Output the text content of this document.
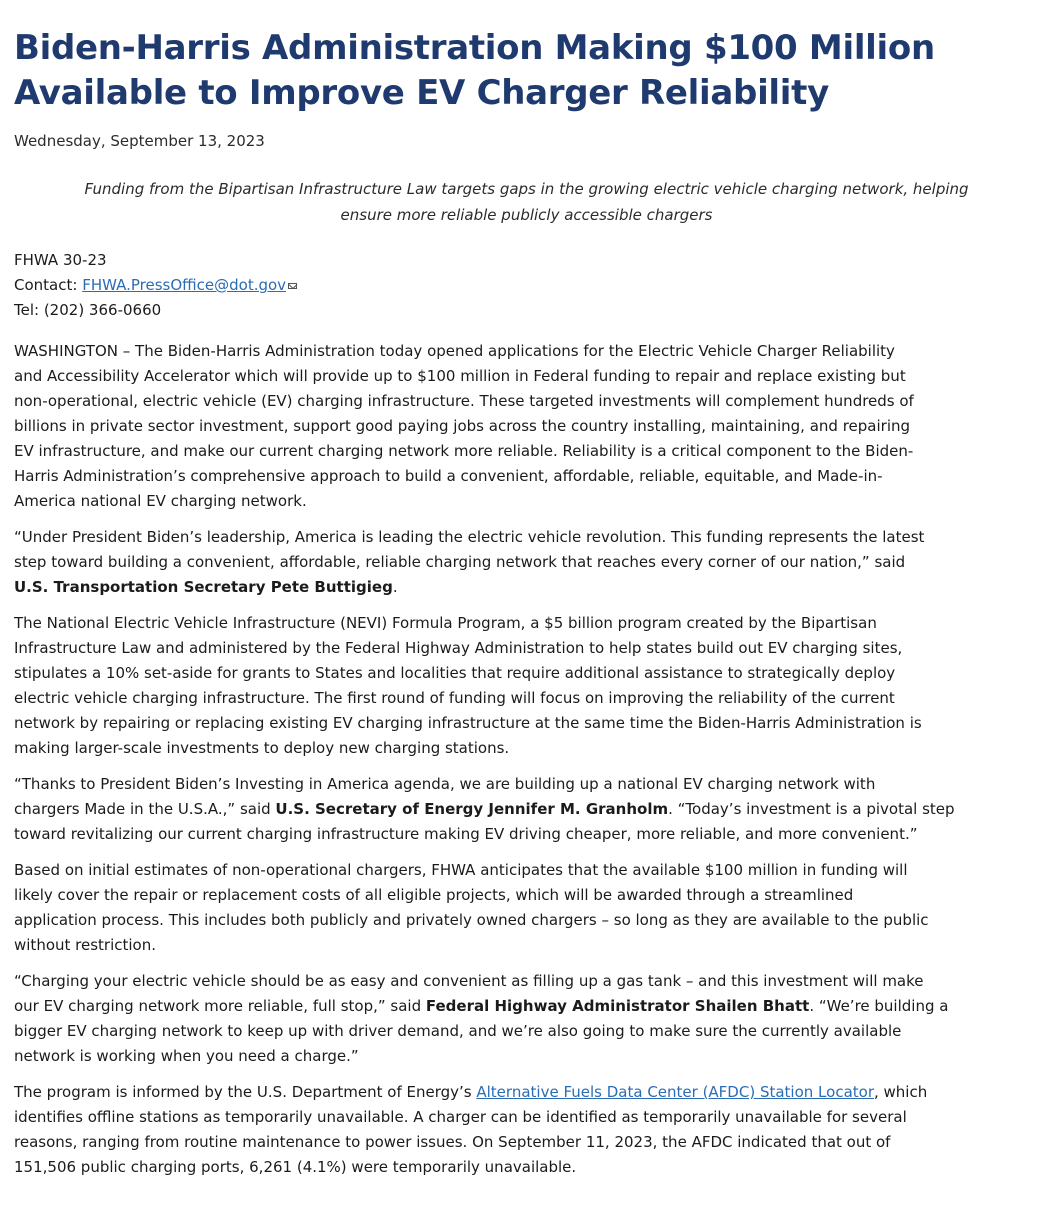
Biden-Harris Administration Making $100 Million
Available to Improve EV Charger Reliability
Wednesday, September 13, 2023
Funding from the Bipartisan Infrastructure Law targets gaps in the growing electric vehicle charging network, helping
ensure more reliable publicly accessible chargers
FHWA 30-23
Contact: FHWA.PressOffice@dot.gov
Tel: (202) 366-0660
WASHINGTON – The Biden-Harris Administration today opened applications for the Electric Vehicle Charger Reliability
and Accessibility Accelerator which will provide up to $100 million in Federal funding to repair and replace existing but
non-operational, electric vehicle (EV) charging infrastructure. These targeted investments will complement hundreds of
billions in private sector investment, support good paying jobs across the country installing, maintaining, and repairing
EV infrastructure, and make our current charging network more reliable. Reliability is a critical component to the Biden-
Harris Administration’s comprehensive approach to build a convenient, affordable, reliable, equitable, and Made-in-
America national EV charging network.
“Under President Biden’s leadership, America is leading the electric vehicle revolution. This funding represents the latest
step toward building a convenient, affordable, reliable charging network that reaches every corner of our nation,” said
U.S. Transportation Secretary Pete Buttigieg.
The National Electric Vehicle Infrastructure (NEVI) Formula Program, a $5 billion program created by the Bipartisan
Infrastructure Law and administered by the Federal Highway Administration to help states build out EV charging sites,
stipulates a 10% set-aside for grants to States and localities that require additional assistance to strategically deploy
electric vehicle charging infrastructure. The first round of funding will focus on improving the reliability of the current
network by repairing or replacing existing EV charging infrastructure at the same time the Biden-Harris Administration is
making larger-scale investments to deploy new charging stations.
“Thanks to President Biden’s Investing in America agenda, we are building up a national EV charging network with
chargers Made in the U.S.A.,” said U.S. Secretary of Energy Jennifer M. Granholm. “Today’s investment is a pivotal step
toward revitalizing our current charging infrastructure making EV driving cheaper, more reliable, and more convenient.”
Based on initial estimates of non-operational chargers, FHWA anticipates that the available $100 million in funding will
likely cover the repair or replacement costs of all eligible projects, which will be awarded through a streamlined
application process. This includes both publicly and privately owned chargers – so long as they are available to the public
without restriction.
“Charging your electric vehicle should be as easy and convenient as filling up a gas tank – and this investment will make
our EV charging network more reliable, full stop,” said Federal Highway Administrator Shailen Bhatt. “We’re building a
bigger EV charging network to keep up with driver demand, and we’re also going to make sure the currently available
network is working when you need a charge.”
The program is informed by the U.S. Department of Energy’s Alternative Fuels Data Center (AFDC) Station Locator, which
identifies offline stations as temporarily unavailable. A charger can be identified as temporarily unavailable for several
reasons, ranging from routine maintenance to power issues. On September 11, 2023, the AFDC indicated that out of
151,506 public charging ports, 6,261 (4.1%) were temporarily unavailable.
